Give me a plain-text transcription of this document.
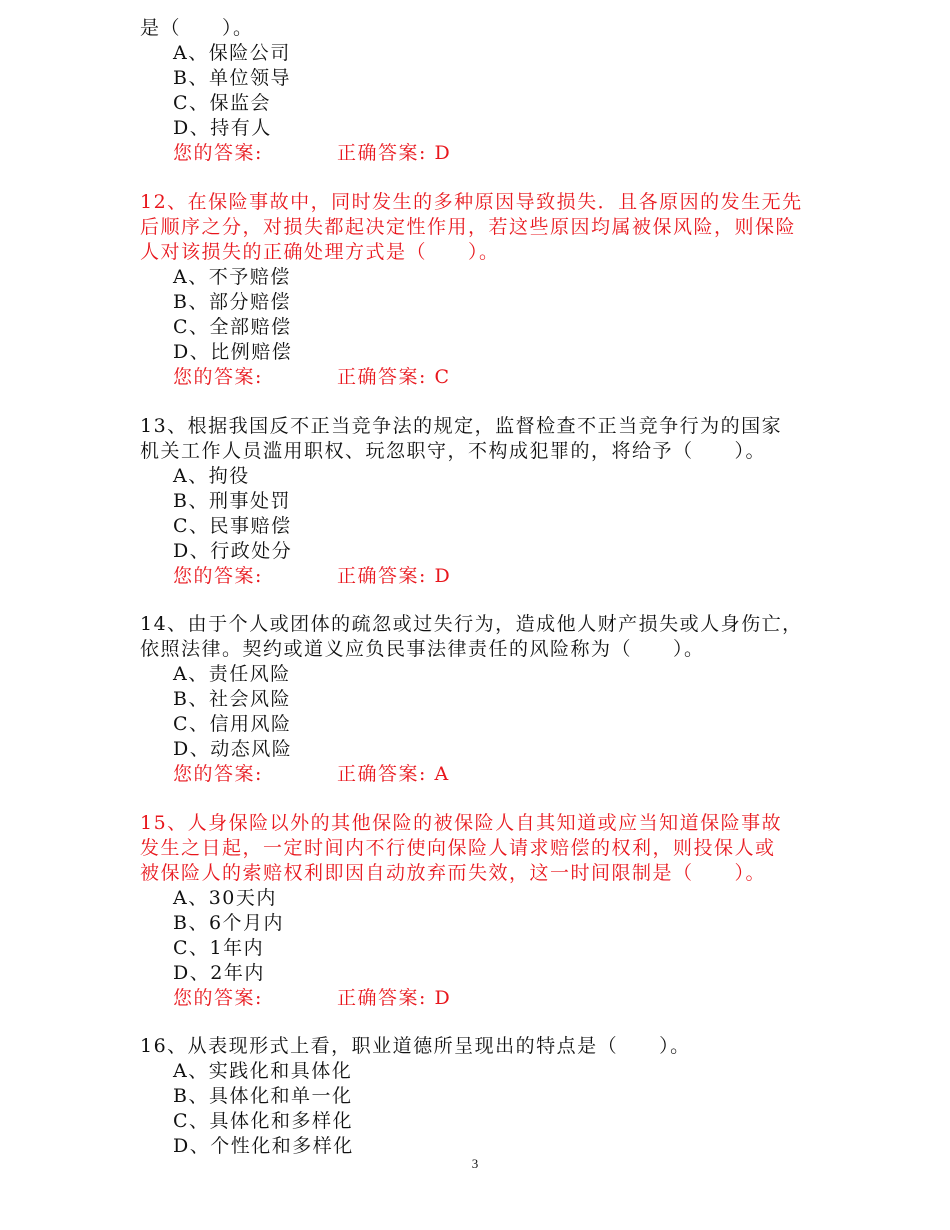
是（　　）。
A、保险公司
B、单位领导
C、保监会
D、持有人
您的答案:	正确答案: D
12、在保险事故中，同时发生的多种原因导致损失．且各原因的发生无先
后顺序之分，对损失都起决定性作用，若这些原因均属被保风险，则保险
人对该损失的正确处理方式是（　　）。
A、不予赔偿
B、部分赔偿
C、全部赔偿
D、比例赔偿
您的答案:	正确答案: C
13、根据我国反不正当竞争法的规定，监督检查不正当竞争行为的国家
机关工作人员滥用职权、玩忽职守，不构成犯罪的，将给予（　　）。
A、拘役
B、刑事处罚
C、民事赔偿
D、行政处分
您的答案:	正确答案: D
14、由于个人或团体的疏忽或过失行为，造成他人财产损失或人身伤亡，
依照法律。契约或道义应负民事法律责任的风险称为（　　）。
A、责任风险
B、社会风险
C、信用风险
D、动态风险
您的答案:	正确答案: A
15、人身保险以外的其他保险的被保险人自其知道或应当知道保险事故
发生之日起，一定时间内不行使向保险人请求赔偿的权利，则投保人或
被保险人的索赔权利即因自动放弃而失效，这一时间限制是（　　）。
A、30天内
B、6个月内
C、1年内
D、2年内
您的答案:	正确答案: D
16、从表现形式上看，职业道德所呈现出的特点是（　　）。
A、实践化和具体化
B、具体化和单一化
C、具体化和多样化
D、个性化和多样化
3
